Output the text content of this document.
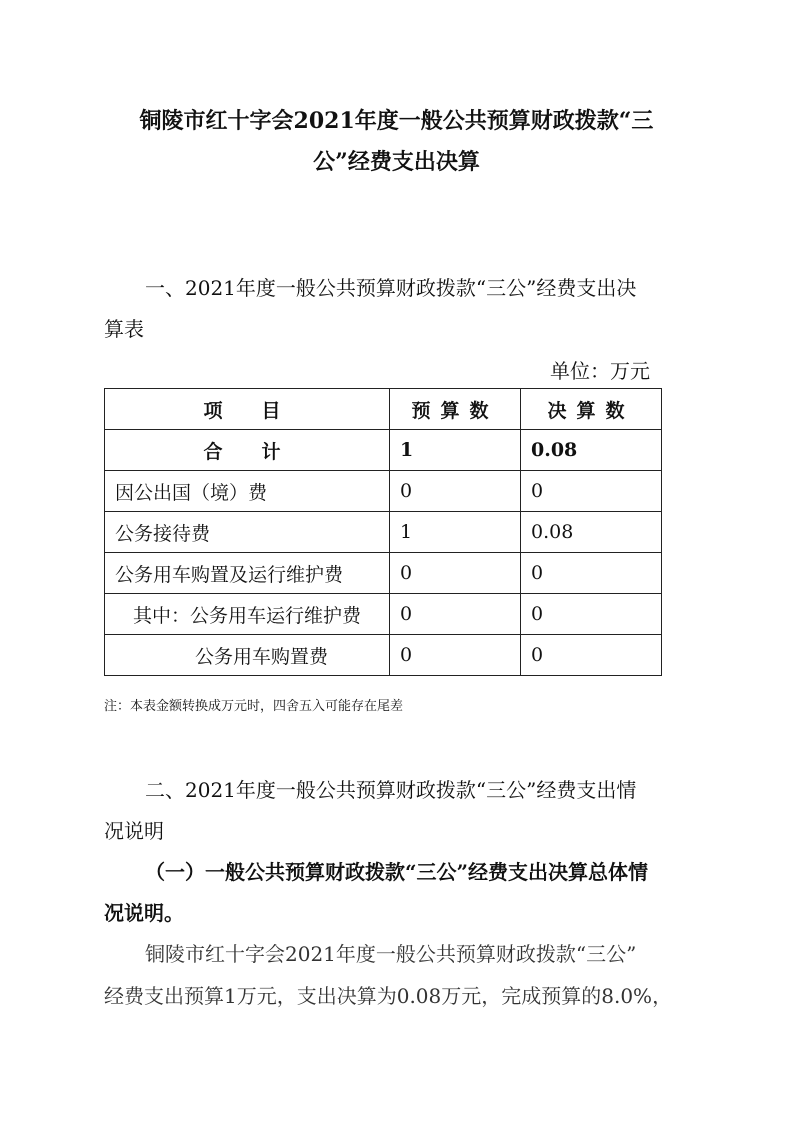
铜陵市红十字会2021年度一般公共预算财政拨款“三
公”经费支出决算
一、2021年度一般公共预算财政拨款“三公”经费支出决
算表
单位：万元
项　目	预算数	决算数
合　计	1	0.08
因公出国（境）费	0	0
公务接待费	1	0.08
公务用车购置及运行维护费	0	0
其中：公务用车运行维护费	0	0
公务用车购置费	0	0
注：本表金额转换成万元时，四舍五入可能存在尾差
二、2021年度一般公共预算财政拨款“三公”经费支出情
况说明
（一）一般公共预算财政拨款“三公”经费支出决算总体情
况说明。
铜陵市红十字会2021年度一般公共预算财政拨款“三公”
经费支出预算1万元，支出决算为0.08万元，完成预算的8.0%，
